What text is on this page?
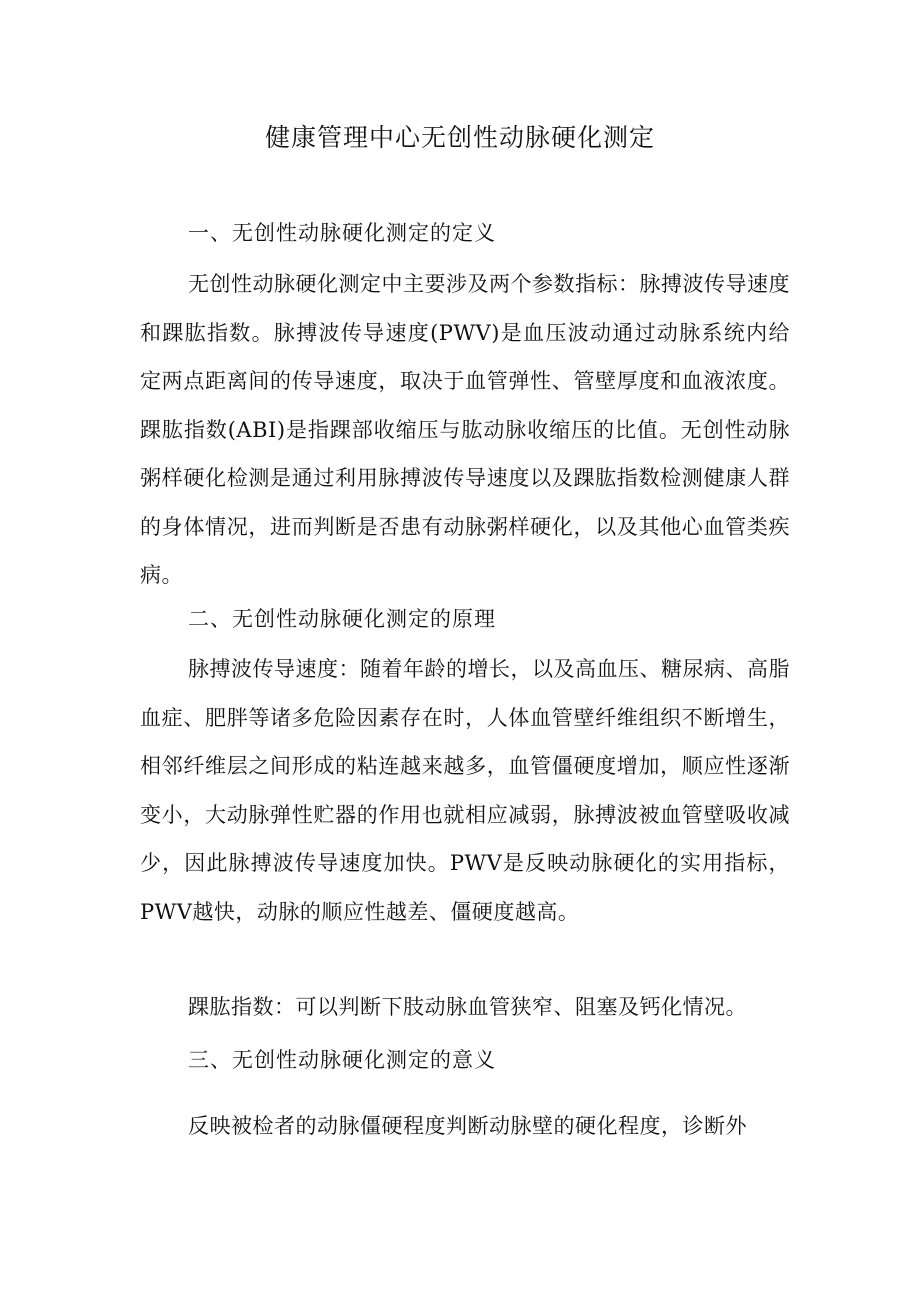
健康管理中心无创性动脉硬化测定
一、无创性动脉硬化测定的定义

无创性动脉硬化测定中主要涉及两个参数指标：脉搏波传导速度和踝肱指数。脉搏波传导速度(PWV)是血压波动通过动脉系统内给定两点距离间的传导速度，取决于血管弹性、管壁厚度和血液浓度。踝肱指数(ABI)是指踝部收缩压与肱动脉收缩压的比值。无创性动脉粥样硬化检测是通过利用脉搏波传导速度以及踝肱指数检测健康人群的身体情况，进而判断是否患有动脉粥样硬化，以及其他心血管类疾病。

二、无创性动脉硬化测定的原理

脉搏波传导速度：随着年龄的增长，以及高血压、糖尿病、高脂血症、肥胖等诸多危险因素存在时，人体血管壁纤维组织不断增生，相邻纤维层之间形成的粘连越来越多，血管僵硬度增加，顺应性逐渐变小，大动脉弹性贮器的作用也就相应减弱，脉搏波被血管壁吸收减少，因此脉搏波传导速度加快。PWV是反映动脉硬化的实用指标，PWV越快，动脉的顺应性越差、僵硬度越高。

踝肱指数：可以判断下肢动脉血管狭窄、阻塞及钙化情况。

三、无创性动脉硬化测定的意义

反映被检者的动脉僵硬程度判断动脉壁的硬化程度，诊断外
